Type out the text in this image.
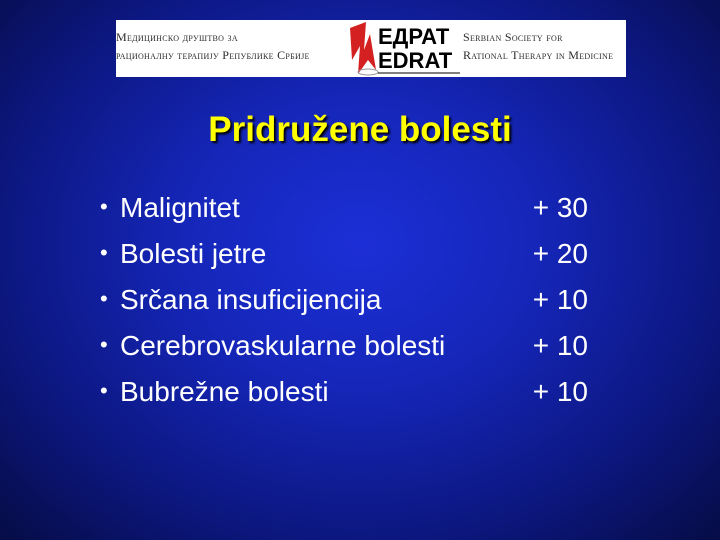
Медицинско друштво за
рационалну терапију Републике Србије
ЕДРАТ
EDRAT
Serbian Society for
Rational Therapy in Medicine
Pridružene bolesti
• Malignitet	+ 30
• Bolesti jetre	+ 20
• Srčana insuficijencija	+ 10
• Cerebrovaskularne bolesti	+ 10
• Bubrežne bolesti	+ 10
